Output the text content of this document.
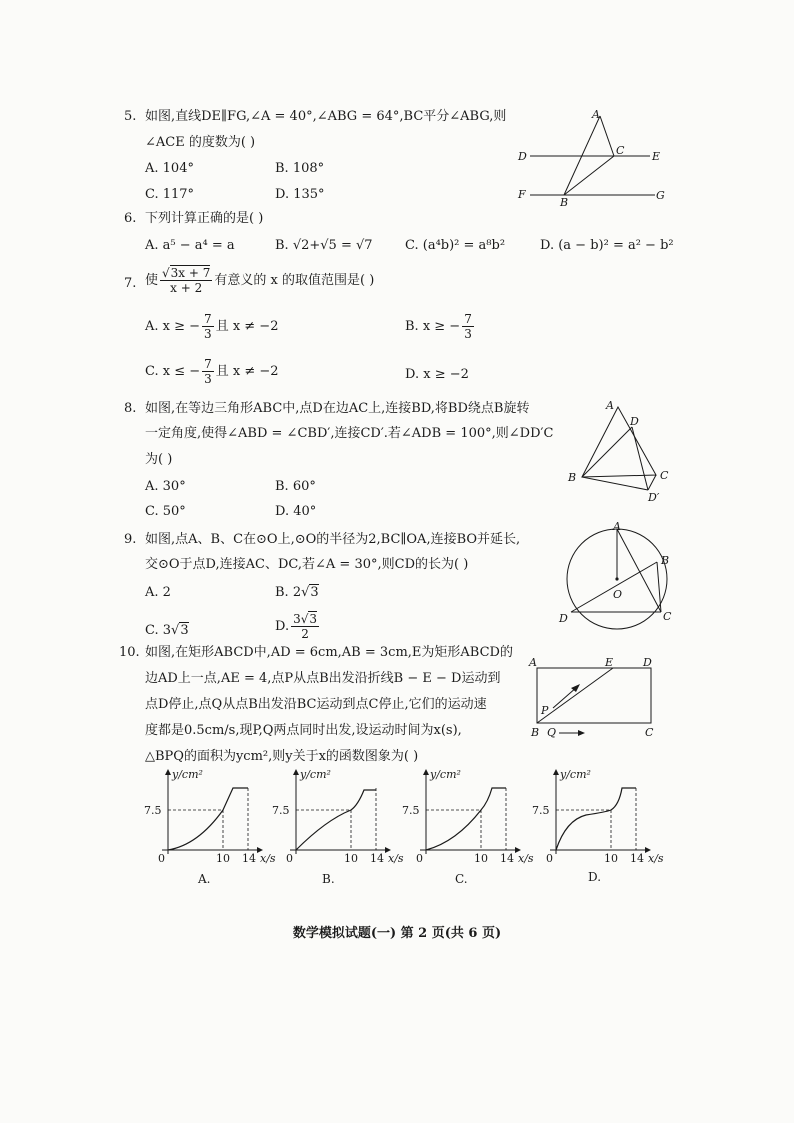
5. 如图,直线DE∥FG,∠A = 40°,∠ABG = 64°,BC平分∠ABG,则
∠ACE 的度数为( )
A. 104°	B. 108°
C. 117°	D. 135°
A
C
D	E
F
B
G
6. 下列计算正确的是( )
A. a⁵ − a⁴ = a	B. √2+√5 = √7 C. (a⁴b)² = a⁸b²	D. (a − b)² = a² − b²
7. 使 $\frac{√3x + 7}{x + 2}$ 有意义的 x 的取值范围是( )
A. x ≥ − $\frac{7}{3}$ 且 x ≠ −2	B. x ≥ − $\frac{7}{3}$
C. x ≤ − $\frac{7}{3}$ 且 x ≠ −2	D. x ≥ −2
8. 如图,在等边三角形ABC中,点D在边AC上,连接BD,将BD绕点B旋转
一定角度,使得∠ABD = ∠CBD′,连接CD′.若∠ADB = 100°,则∠DD′C
为( )
A. 30°	B. 60°
C. 50°	D. 40°
A
D
B	C
D′
9. 如图,点A、B、C在⊙O上,⊙O的半径为2,BC∥OA,连接BO并延长,
交⊙O于点D,连接AC、DC,若∠A = 30°,则CD的长为( )
A. 2	B. 2√3
C. 3√3	D. $\frac{3√3}{2}$
A
B
O
D	C
10. 如图,在矩形ABCD中,AD = 6cm,AB = 3cm,E为矩形ABCD的
边AD上一点,AE = 4,点P从点B出发沿折线B − E − D运动到
点D停止,点Q从点B出发沿BC运动到点C停止,它们的运动速
度都是0.5cm/s,现P,Q两点同时出发,设运动时间为x(s),
△BPQ的面积为ycm²,则y关于x的函数图象为( )
A	E	D
P
B Q	C
y/cm²
x/s
0
7.5
10 14
y/cm²
x/s
0
7.5
10 14
y/cm²
x/s
0
7.5
10 14
y/cm²
x/s
0
7.5
10 14
A.	B.	C.	D.
数学模拟试题(一) 第 2 页(共 6 页)
